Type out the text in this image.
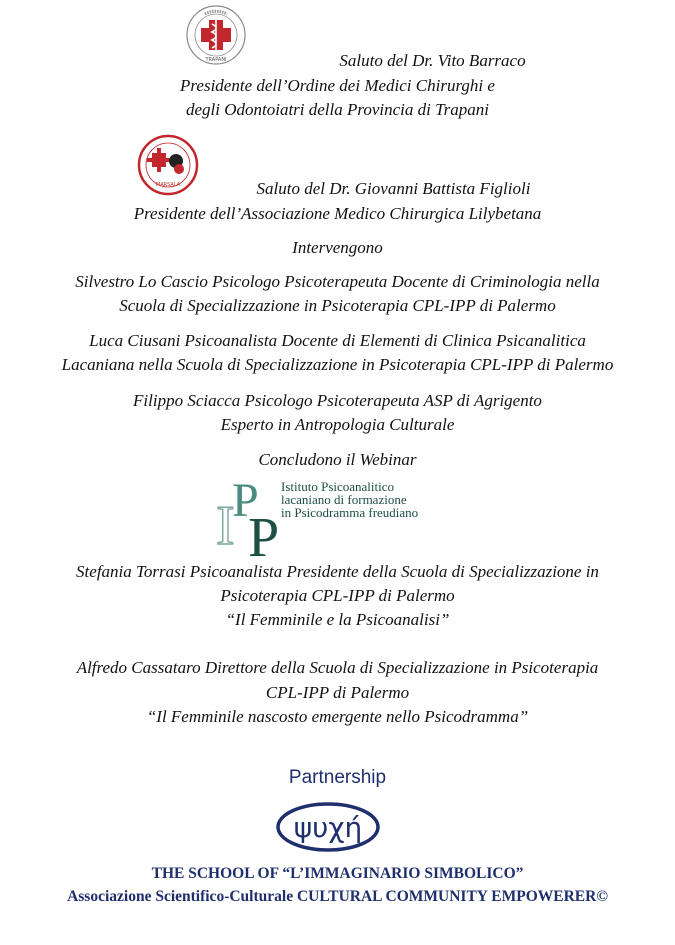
TRAPANI	Saluto del Dr. Vito Barraco
Presidente dell’Ordine dei Medici Chirurghi e
degli Odontoiatri della Provincia di Trapani
MARSALA	Saluto del Dr. Giovanni Battista Figlioli
Presidente dell’Associazione Medico Chirurgica Lilybetana
Intervengono
Silvestro Lo Cascio Psicologo Psicoterapeuta Docente di Criminologia nella
Scuola di Specializzazione in Psicoterapia CPL-IPP di Palermo
Luca Ciusani Psicoanalista Docente di Elementi di Clinica Psicanalitica
Lacaniana nella Scuola di Specializzazione in Psicoterapia CPL-IPP di Palermo
Filippo Sciacca Psicologo Psicoterapeuta ASP di Agrigento
Esperto in Antropologia Culturale
Concludono il Webinar
I
P
P
Istituto Psicoanalitico
lacaniano di formazione
in Psicodramma freudiano
Stefania Torrasi Psicoanalista Presidente della Scuola di Specializzazione in
Psicoterapia CPL-IPP di Palermo
“Il Femminile e la Psicoanalisi”
Alfredo Cassataro Direttore della Scuola di Specializzazione in Psicoterapia
CPL-IPP di Palermo
“Il Femminile nascosto emergente nello Psicodramma”
Partnership
ψυχή
THE SCHOOL OF “L’IMMAGINARIO SIMBOLICO”
Associazione Scientifico-Culturale CULTURAL COMMUNITY EMPOWERER©
